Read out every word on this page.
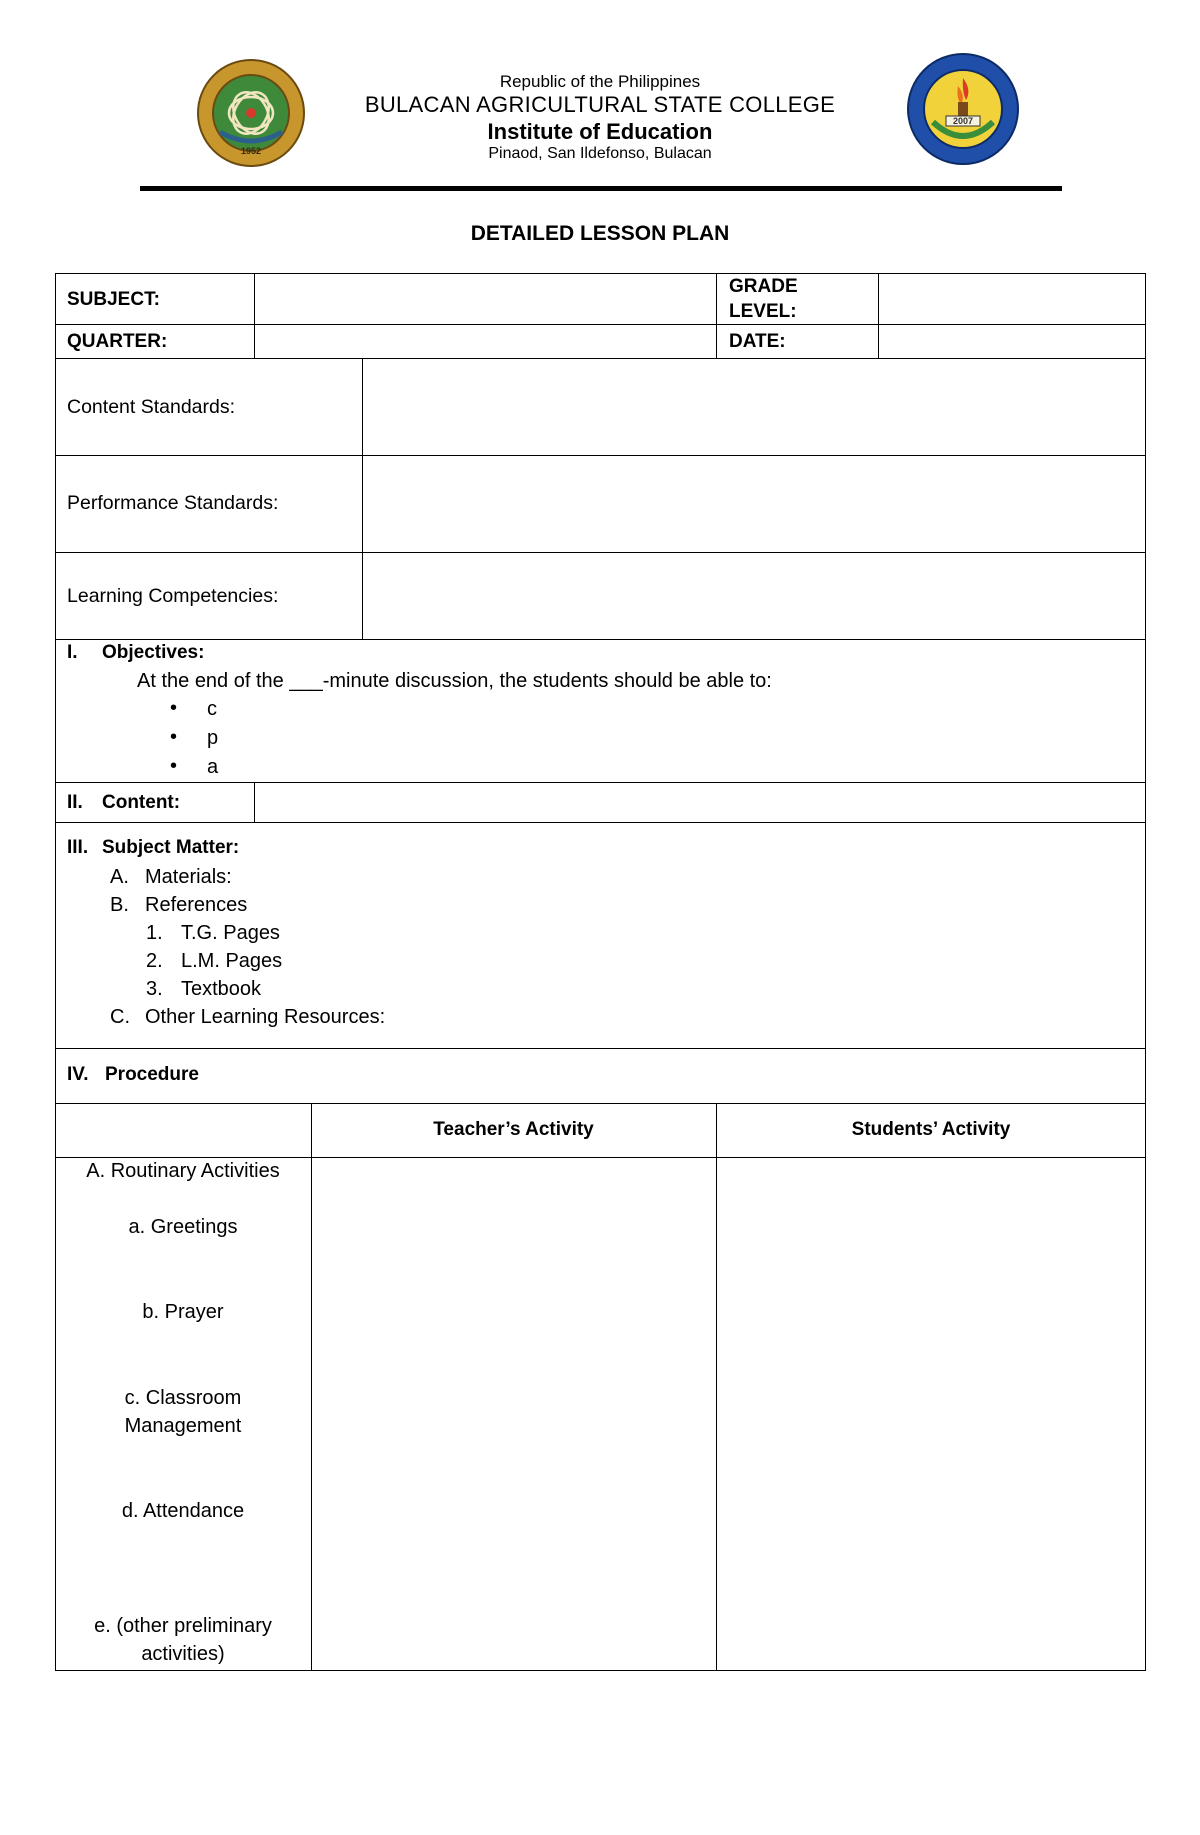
1952
2007
Republic of the Philippines
BULACAN AGRICULTURAL STATE COLLEGE
Institute of Education
Pinaod, San Ildefonso, Bulacan
DETAILED LESSON PLAN
SUBJECT:
GRADE
LEVEL:
QUARTER:	DATE:
Content Standards:
Performance Standards:
Learning Competencies:
I. Objectives:
At the end of the ___-minute discussion, the students should be able to:
• c
• p
• a
II. Content:
III. Subject Matter:
A. Materials:
B. References
1. T.G. Pages
2. L.M. Pages
3. Textbook
C. Other Learning Resources:
IV. Procedure
Teacher’s Activity	Students’ Activity
A. Routinary Activities
a. Greetings
b. Prayer
c. Classroom
Management
d. Attendance
e. (other preliminary
activities)
